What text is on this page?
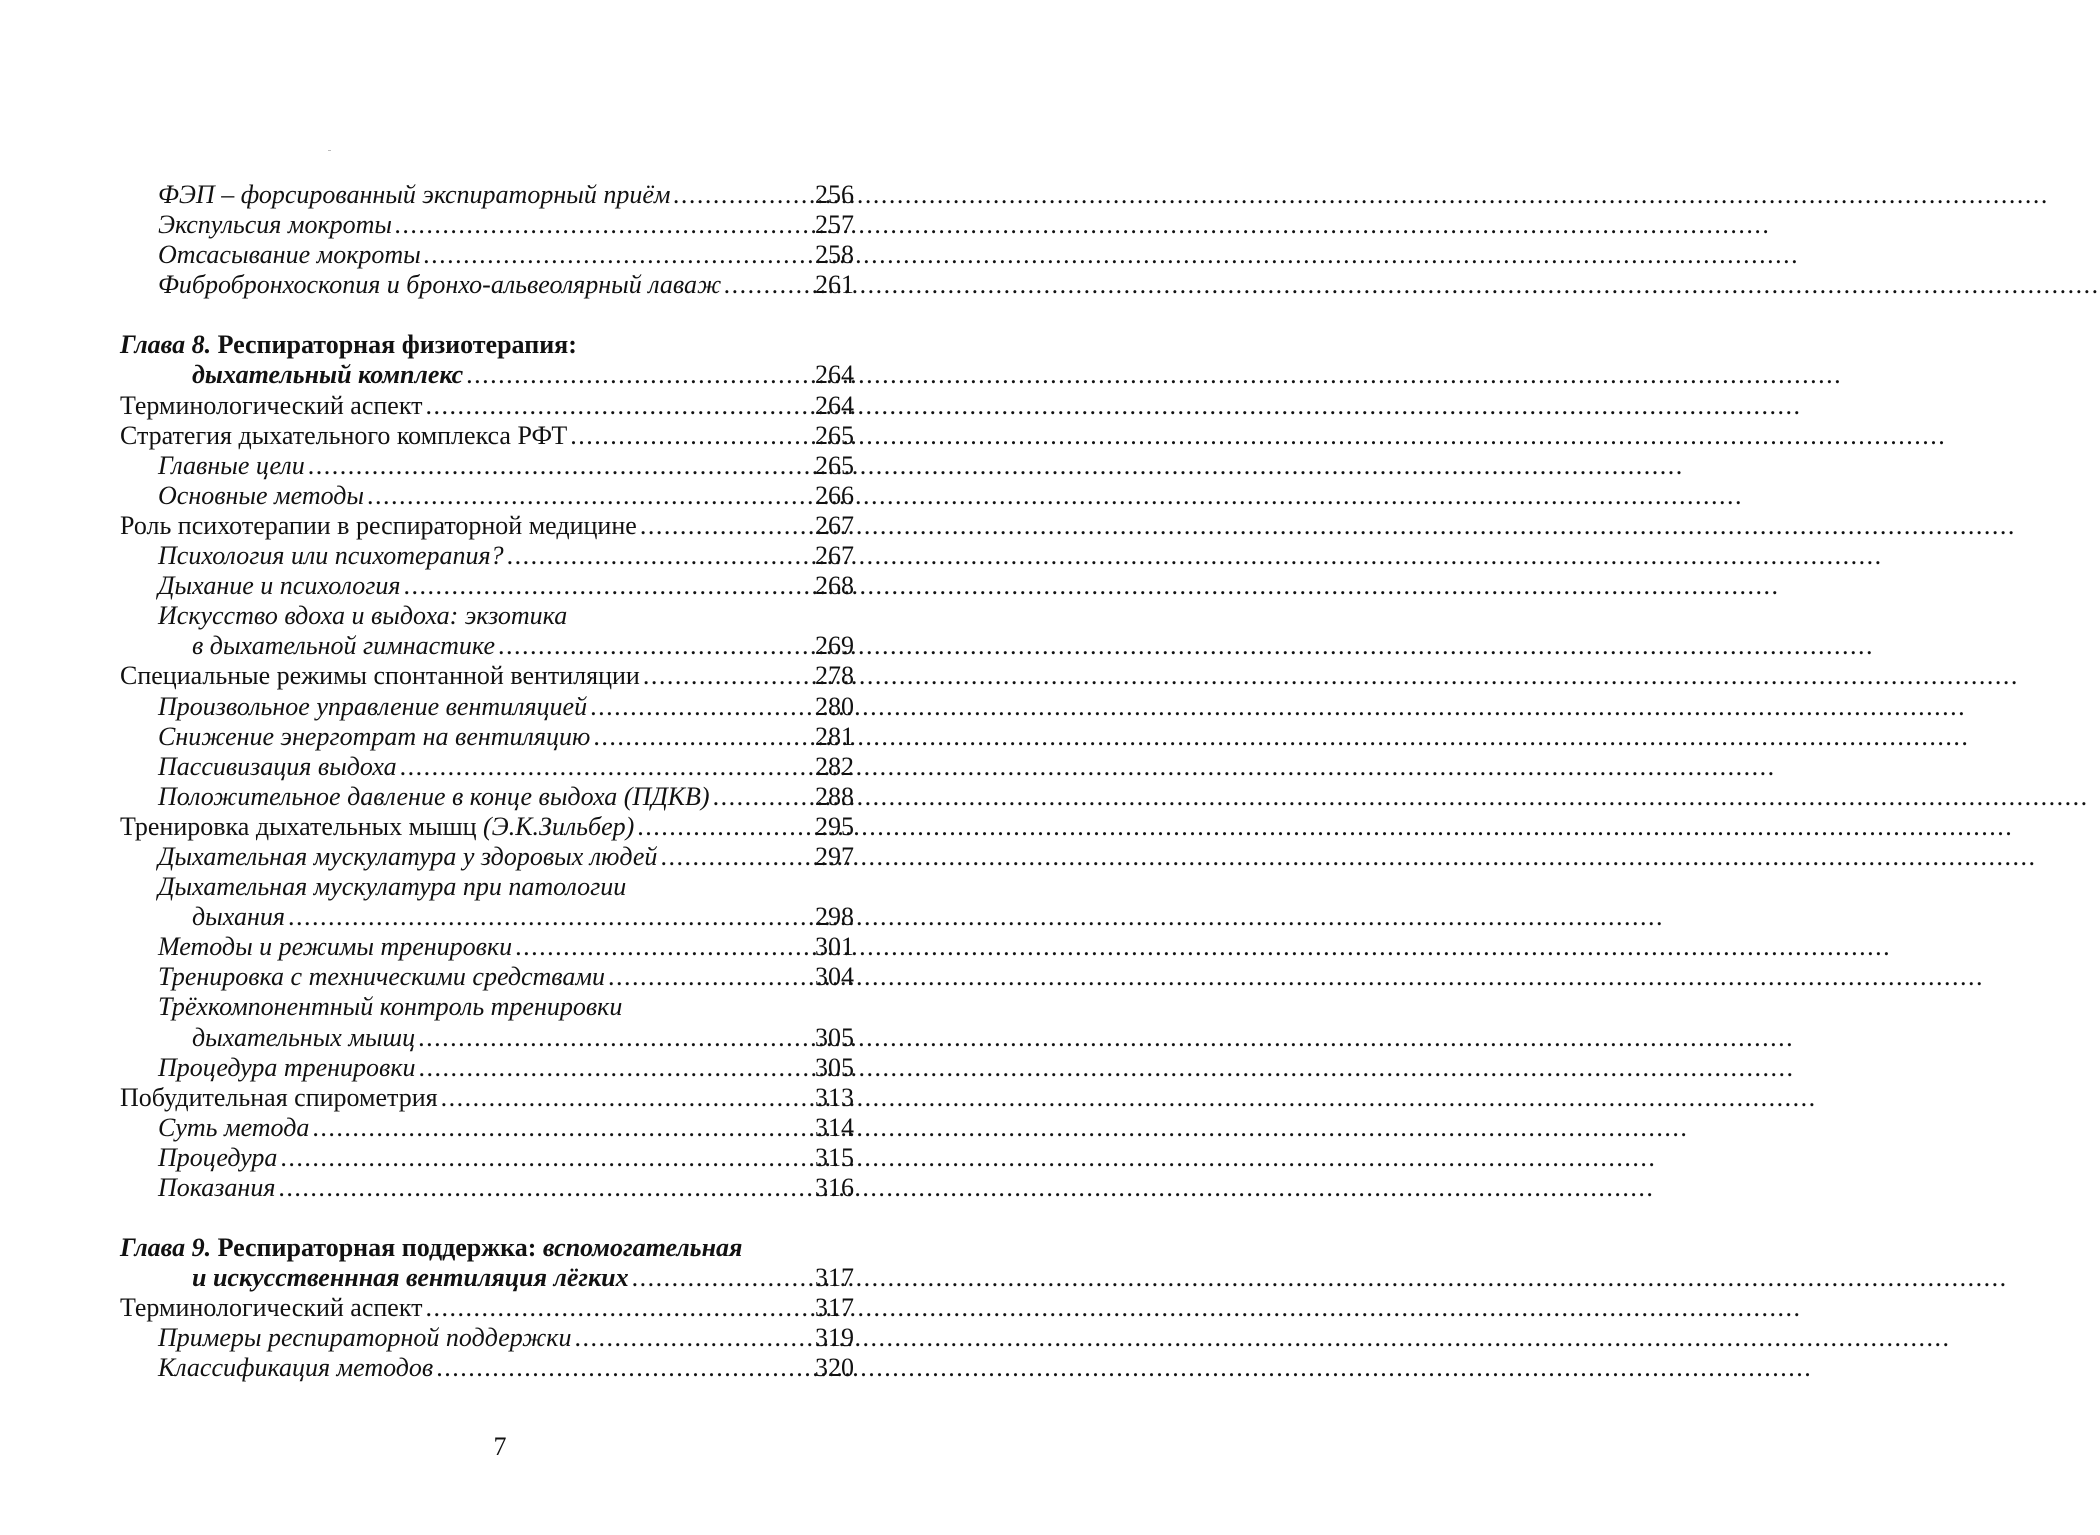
ФЭП – форсированный экспираторный приём .....	256
Экспульсия мокроты .....	257
Отсасывание мокроты .....	258
Фибробронхоскопия и бронхо-альвеолярный лаваж .....	261
Глава 8. Респираторная физиотерапия:
дыхательный комплекс .....	264
Терминологический аспект .....	264
Стратегия дыхательного комплекса РФТ .....	265
Главные цели .....	265
Основные методы .....	266
Роль психотерапии в респираторной медицине .....	267
Психология или психотерапия? .....	267
Дыхание и психология .....	268
Искусство вдоха и выдоха: экзотика
в дыхательной гимнастике .....	269
Специальные режимы спонтанной вентиляции .....	278
Произвольное управление вентиляцией .....	280
Снижение энерготрат на вентиляцию .....	281
Пассивизация выдоха .....	282
Положительное давление в конце выдоха (ПДКВ) .....	288
Тренировка дыхательных мышц (Э.К.Зильбер) .....	295
Дыхательная мускулатура у здоровых людей .....	297
Дыхательная мускулатура при патологии
дыхания .....	298
Методы и режимы тренировки .....	301
Тренировка с техническими средствами .....	304
Трёхкомпонентный контроль тренировки
дыхательных мышц .....	305
Процедура тренировки .....	305
Побудительная спирометрия .....	313
Суть метода .....	314
Процедура .....	315
Показания .....	316
Глава 9. Респираторная поддержка: вспомогательная
и искусственнная вентиляция лёгких .....	317
Терминологический аспект .....	317
Примеры респираторной поддержки .....	319
Классификация методов .....	320
7
